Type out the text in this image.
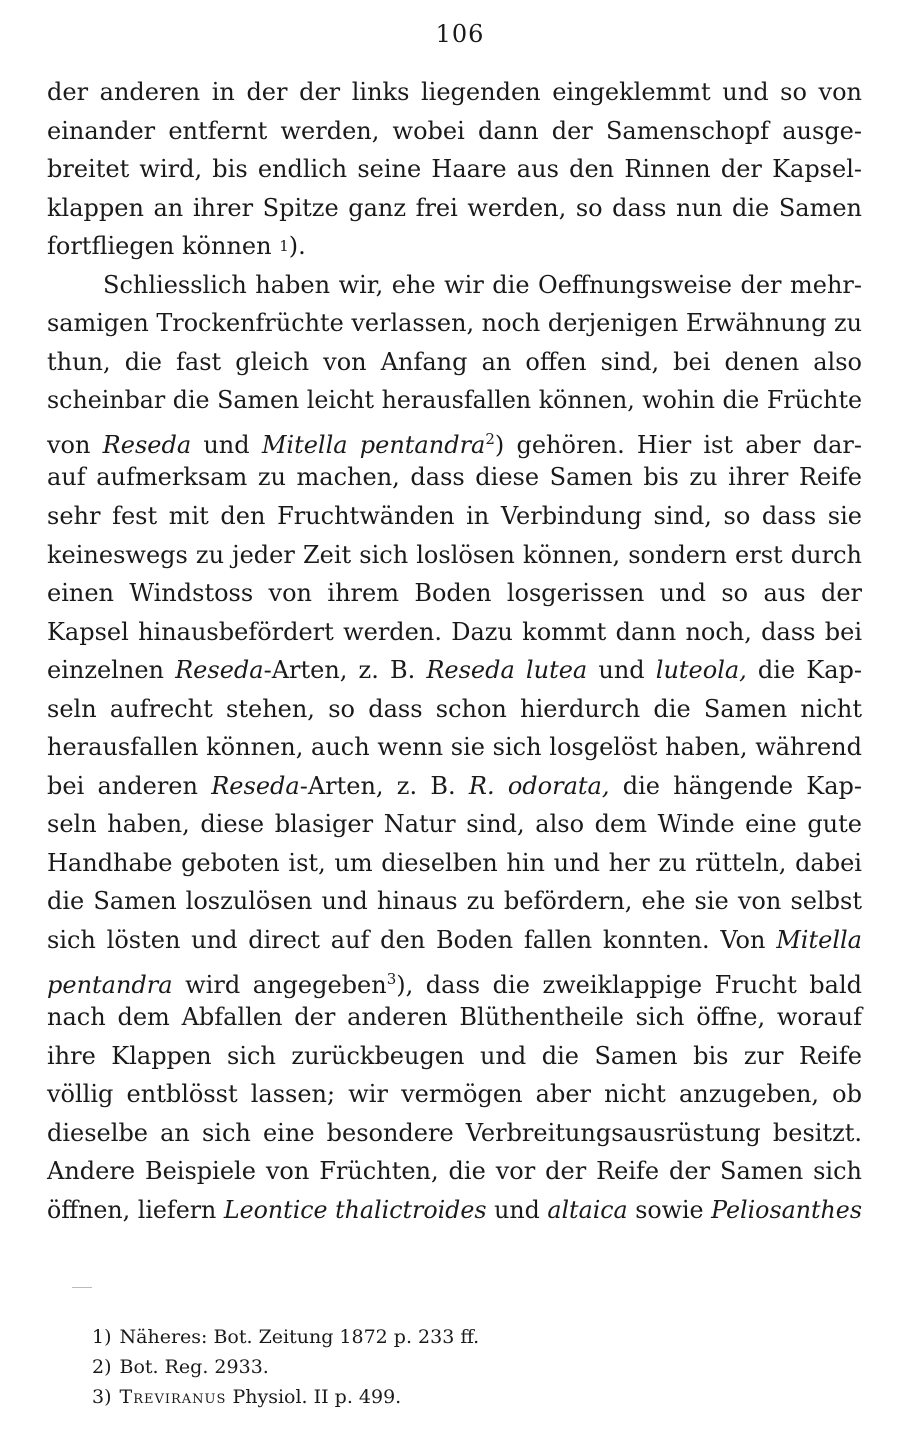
106
der anderen in der der links liegenden eingeklemmt und so von
einander entfernt werden, wobei dann der Samenschopf ausge-
breitet wird, bis endlich seine Haare aus den Rinnen der Kapsel-
klappen an ihrer Spitze ganz frei werden, so dass nun die Samen
fortfliegen können 1 ).
Schliesslich haben wir, ehe wir die Oeffnungsweise der mehr-
samigen Trockenfrüchte verlassen, noch derjenigen Erwähnung zu
thun, die fast gleich von Anfang an offen sind, bei denen also
scheinbar die Samen leicht herausfallen können, wohin die Früchte
von Reseda und Mitella pentandra$^2$) gehören. Hier ist aber dar-
auf aufmerksam zu machen, dass diese Samen bis zu ihrer Reife
sehr fest mit den Fruchtwänden in Verbindung sind, so dass sie
keineswegs zu jeder Zeit sich loslösen können, sondern erst durch
einen Windstoss von ihrem Boden losgerissen und so aus der
Kapsel hinausbefördert werden. Dazu kommt dann noch, dass bei
einzelnen Reseda-Arten, z. B. Reseda lutea und luteola, die Kap-
seln aufrecht stehen, so dass schon hierdurch die Samen nicht
herausfallen können, auch wenn sie sich losgelöst haben, während
bei anderen Reseda-Arten, z. B. R. odorata, die hängende Kap-
seln haben, diese blasiger Natur sind, also dem Winde eine gute
Handhabe geboten ist, um dieselben hin und her zu rütteln, dabei
die Samen loszulösen und hinaus zu befördern, ehe sie von selbst
sich lösten und direct auf den Boden fallen konnten. Von Mitella
pentandra wird angegeben$^3$), dass die zweiklappige Frucht bald
nach dem Abfallen der anderen Blüthentheile sich öffne, worauf
ihre Klappen sich zurückbeugen und die Samen bis zur Reife
völlig entblösst lassen; wir vermögen aber nicht anzugeben, ob
dieselbe an sich eine besondere Verbreitungsausrüstung besitzt.
Andere Beispiele von Früchten, die vor der Reife der Samen sich
öffnen, liefern Leontice thalictroides und altaica sowie Peliosanthes
1) Näheres: Bot. Zeitung 1872 p. 233 ff.
2) Bot. Reg. 2933.
3) Treviranus Physiol. II p. 499.
